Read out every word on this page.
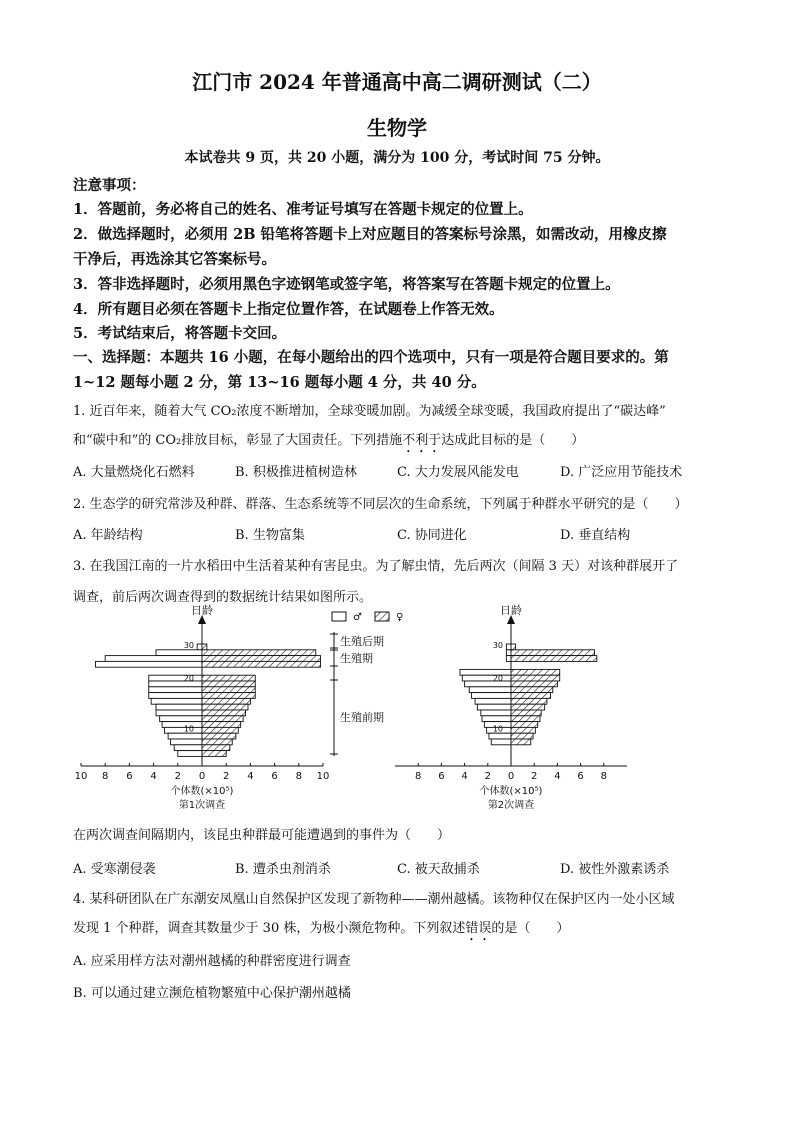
江门市 2024 年普通高中高二调研测试（二）
生物学
本试卷共 9 页，共 20 小题，满分为 100 分，考试时间 75 分钟。
注意事项：
1．答题前，务必将自己的姓名、准考证号填写在答题卡规定的位置上。
2．做选择题时，必须用 2B 铅笔将答题卡上对应题目的答案标号涂黑，如需改动，用橡皮擦
干净后，再选涂其它答案标号。
3．答非选择题时，必须用黑色字迹钢笔或签字笔，将答案写在答题卡规定的位置上。
4．所有题目必须在答题卡上指定位置作答，在试题卷上作答无效。
5．考试结束后，将答题卡交回。
一、选择题：本题共 16 小题，在每小题给出的四个选项中，只有一项是符合题目要求的。第
1~12 题每小题 2 分，第 13~16 题每小题 4 分，共 40 分。
1. 近百年来，随着大气 CO₂浓度不断增加，全球变暖加剧。为减缓全球变暖，我国政府提出了“碳达峰”
和“碳中和”的 CO₂排放目标，彰显了大国责任。下列措施不利于达成此目标的是（　　）
A. 大量燃烧化石燃料	B. 积极推进植树造林	C. 大力发展风能发电	D. 广泛应用节能技术
2. 生态学的研究常涉及种群、群落、生态系统等不同层次的生命系统，下列属于种群水平研究的是（　　）
A. 年龄结构	B. 生物富集	C. 协同进化	D. 垂直结构
3. 在我国江南的一片水稻田中生活着某种有害昆虫。为了解虫情，先后两次（间隔 3 天）对该种群展开了
调查，前后两次调查得到的数据统计结果如图所示。
日龄
10 8 6 4 2 0 2 4 6 8 10
30
20
10
个体数(×10⁵)
第1次调查
日龄
8 6 4 2 0 2 4 6 8
30
20
10
个体数(×10⁵)
第2次调查
♂	♀
生殖后期
生殖期
生殖前期
在两次调查间隔期内，该昆虫种群最可能遭遇到的事件为（　　）
A. 受寒潮侵袭	B. 遭杀虫剂消杀	C. 被天敌捕杀	D. 被性外激素诱杀
4. 某科研团队在广东潮安凤凰山自然保护区发现了新物种——潮州越橘。该物种仅在保护区内一处小区域
发现 1 个种群，调查其数量少于 30 株，为极小濒危物种。下列叙述错误的是（　　）
A. 应采用样方法对潮州越橘的种群密度进行调查
B. 可以通过建立濒危植物繁殖中心保护潮州越橘
